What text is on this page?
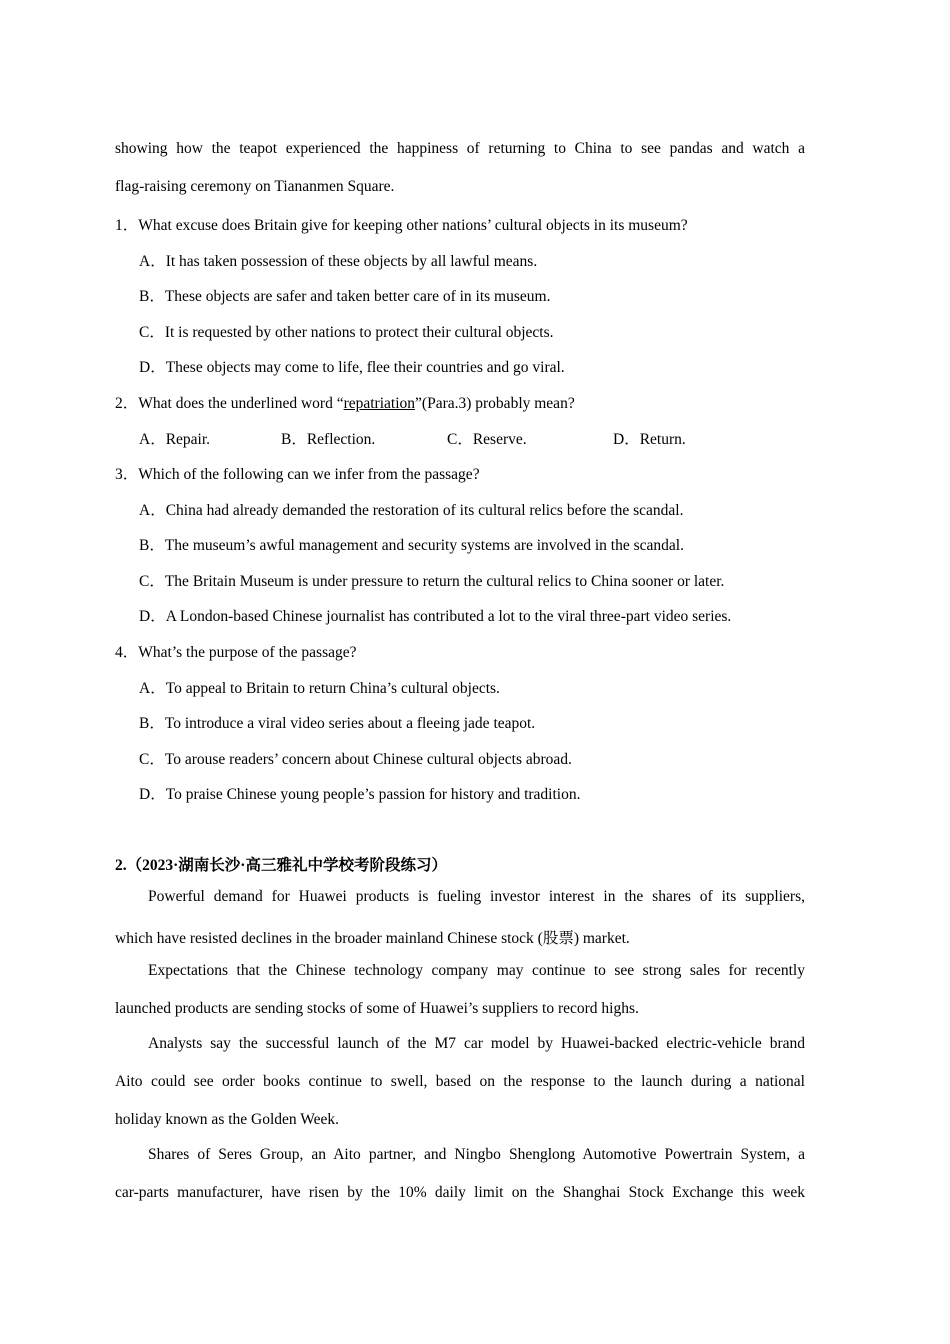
showing how the teapot experienced the happiness of returning to China to see pandas and watch a
flag-raising ceremony on Tiananmen Square.
1．What excuse does Britain give for keeping other nations’ cultural objects in its museum?
A．It has taken possession of these objects by all lawful means.
B．These objects are safer and taken better care of in its museum.
C．It is requested by other nations to protect their cultural objects.
D．These objects may come to life, flee their countries and go viral.
2．What does the underlined word “repatriation”(Para.3) probably mean?
A．Repair.	B．Reflection.	C．Reserve.	D．Return.
3．Which of the following can we infer from the passage?
A．China had already demanded the restoration of its cultural relics before the scandal.
B．The museum’s awful management and security systems are involved in the scandal.
C．The Britain Museum is under pressure to return the cultural relics to China sooner or later.
D．A London-based Chinese journalist has contributed a lot to the viral three-part video series.
4．What’s the purpose of the passage?
A．To appeal to Britain to return China’s cultural objects.
B．To introduce a viral video series about a fleeing jade teapot.
C．To arouse readers’ concern about Chinese cultural objects abroad.
D．To praise Chinese young people’s passion for history and tradition.
2.（2023·湖南长沙·高三雅礼中学校考阶段练习）
Powerful demand for Huawei products is fueling investor interest in the shares of its suppliers,
which have resisted declines in the broader mainland Chinese stock (股票) market.
Expectations that the Chinese technology company may continue to see strong sales for recently
launched products are sending stocks of some of Huawei’s suppliers to record highs.
Analysts say the successful launch of the M7 car model by Huawei-backed electric-vehicle brand
Aito could see order books continue to swell, based on the response to the launch during a national
holiday known as the Golden Week.
Shares of Seres Group, an Aito partner, and Ningbo Shenglong Automotive Powertrain System, a
car-parts manufacturer, have risen by the 10% daily limit on the Shanghai Stock Exchange this week
